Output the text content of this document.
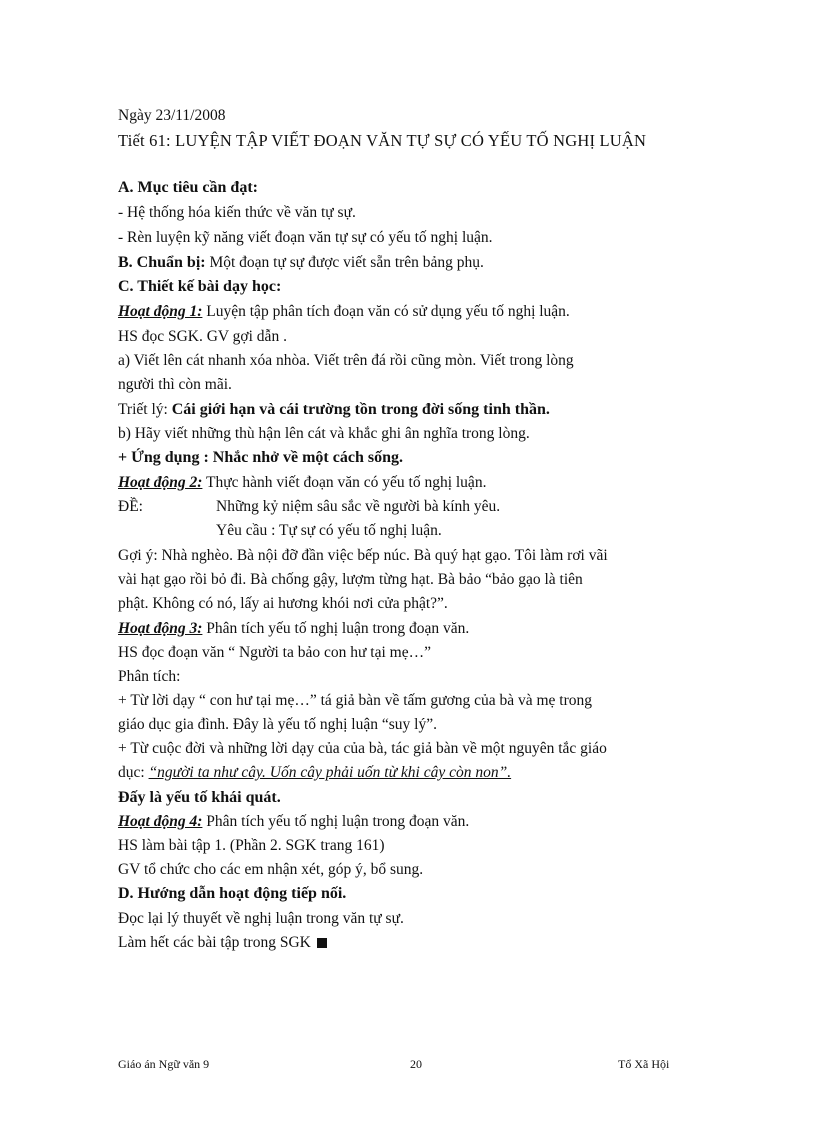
Ngày 23/11/2008
Tiết 61: LUYỆN TẬP VIẾT ĐOẠN VĂN TỰ SỰ CÓ YẾU TỐ NGHỊ LUẬN
A. Mục tiêu cần đạt:
- Hệ thống hóa kiến thức về văn tự sự.
- Rèn luyện kỹ năng viết đoạn văn tự sự có yếu tố nghị luận.
B. Chuẩn bị: Một đoạn tự sự được viết sẵn trên bảng phụ.
C. Thiết kế bài dạy học:
Hoạt động 1: Luyện tập phân tích đoạn văn có sử dụng yếu tố nghị luận.
HS đọc SGK. GV gợi dẫn .
a) Viết lên cát nhanh xóa nhòa. Viết trên đá rồi cũng mòn. Viết trong lòng
người thì còn mãi.
Triết lý: Cái giới hạn và cái trường tồn trong đời sống tinh thần.
b) Hãy viết những thù hận lên cát và khắc ghi ân nghĩa trong lòng.
+ Ứng dụng : Nhắc nhở về một cách sống.
Hoạt động 2: Thực hành viết đoạn văn có yếu tố nghị luận.
ĐỀ:	Những kỷ niệm sâu sắc về người bà kính yêu.
Yêu cầu : Tự sự có yếu tố nghị luận.
Gợi ý: Nhà nghèo. Bà nội đỡ đần việc bếp núc. Bà quý hạt gạo. Tôi làm rơi vãi
vài hạt gạo rồi bỏ đi. Bà chống gậy, lượm từng hạt. Bà bảo “bảo gạo là tiên
phật. Không có nó, lấy ai hương khói nơi cửa phật?”.
Hoạt động 3: Phân tích yếu tố nghị luận trong đoạn văn.
HS đọc đoạn văn “ Người ta bảo con hư tại mẹ…”
Phân tích:
+ Từ lời dạy “ con hư tại mẹ…” tá giả bàn về tấm gương của bà và mẹ trong
giáo dục gia đình. Đây là yếu tố nghị luận “suy lý”.
+ Từ cuộc đời và những lời dạy của của bà, tác giả bàn về một nguyên tắc giáo
dục: “người ta như cây. Uốn cây phải uốn từ khi cây còn non”.
Đấy là yếu tố khái quát.
Hoạt động 4: Phân tích yếu tố nghị luận trong đoạn văn.
HS làm bài tập 1. (Phần 2. SGK trang 161)
GV tổ chức cho các em nhận xét, góp ý, bổ sung.
D. Hướng dẫn hoạt động tiếp nối.
Đọc lại lý thuyết về nghị luận trong văn tự sự.
Làm hết các bài tập trong SGK
Giáo án Ngữ văn 9	20	Tổ Xã Hội
